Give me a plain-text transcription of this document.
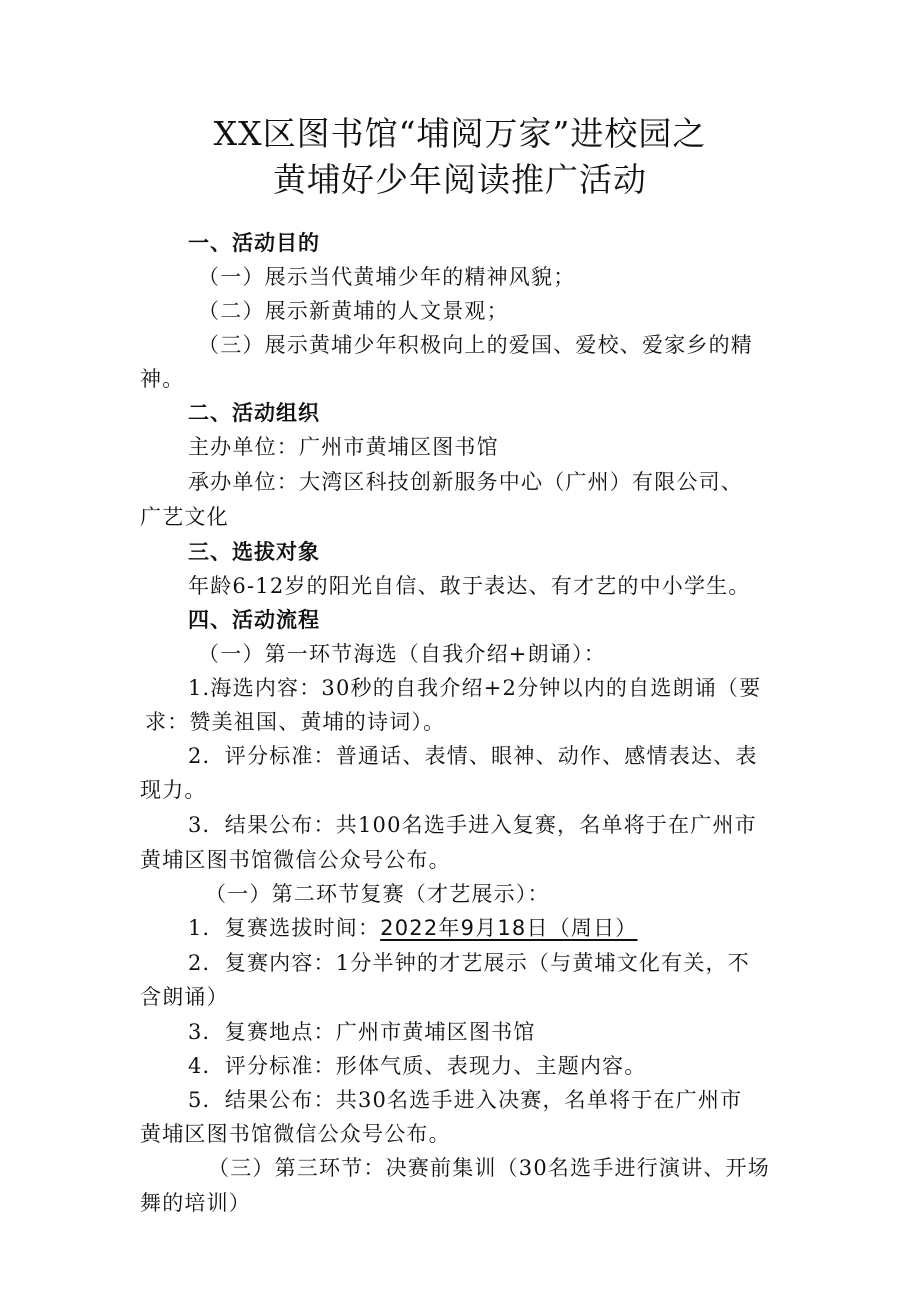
XX区图书馆“埔阅万家”进校园之
黄埔好少年阅读推广活动
一、活动目的
（一）展示当代黄埔少年的精神风貌；
（二）展示新黄埔的人文景观；
（三）展示黄埔少年积极向上的爱国、爱校、爱家乡的精
神。
二、活动组织
主办单位：广州市黄埔区图书馆
承办单位：大湾区科技创新服务中心（广州）有限公司、
广艺文化
三、选拔对象
年龄6-12岁的阳光自信、敢于表达、有才艺的中小学生。
四、活动流程
（一）第一环节海选（自我介绍+朗诵）：
1.海选内容：30秒的自我介绍+2分钟以内的自选朗诵（要
求：赞美祖国、黄埔的诗词）。
2．评分标准：普通话、表情、眼神、动作、感情表达、表
现力。
3．结果公布：共100名选手进入复赛，名单将于在广州市
黄埔区图书馆微信公众号公布。
（一）第二环节复赛（才艺展示）：
1．复赛选拔时间：2022年9月18日（周日）
2．复赛内容：1分半钟的才艺展示（与黄埔文化有关，不
含朗诵）
3．复赛地点：广州市黄埔区图书馆
4．评分标准：形体气质、表现力、主题内容。
5．结果公布：共30名选手进入决赛，名单将于在广州市
黄埔区图书馆微信公众号公布。
（三）第三环节：决赛前集训（30名选手进行演讲、开场
舞的培训）
